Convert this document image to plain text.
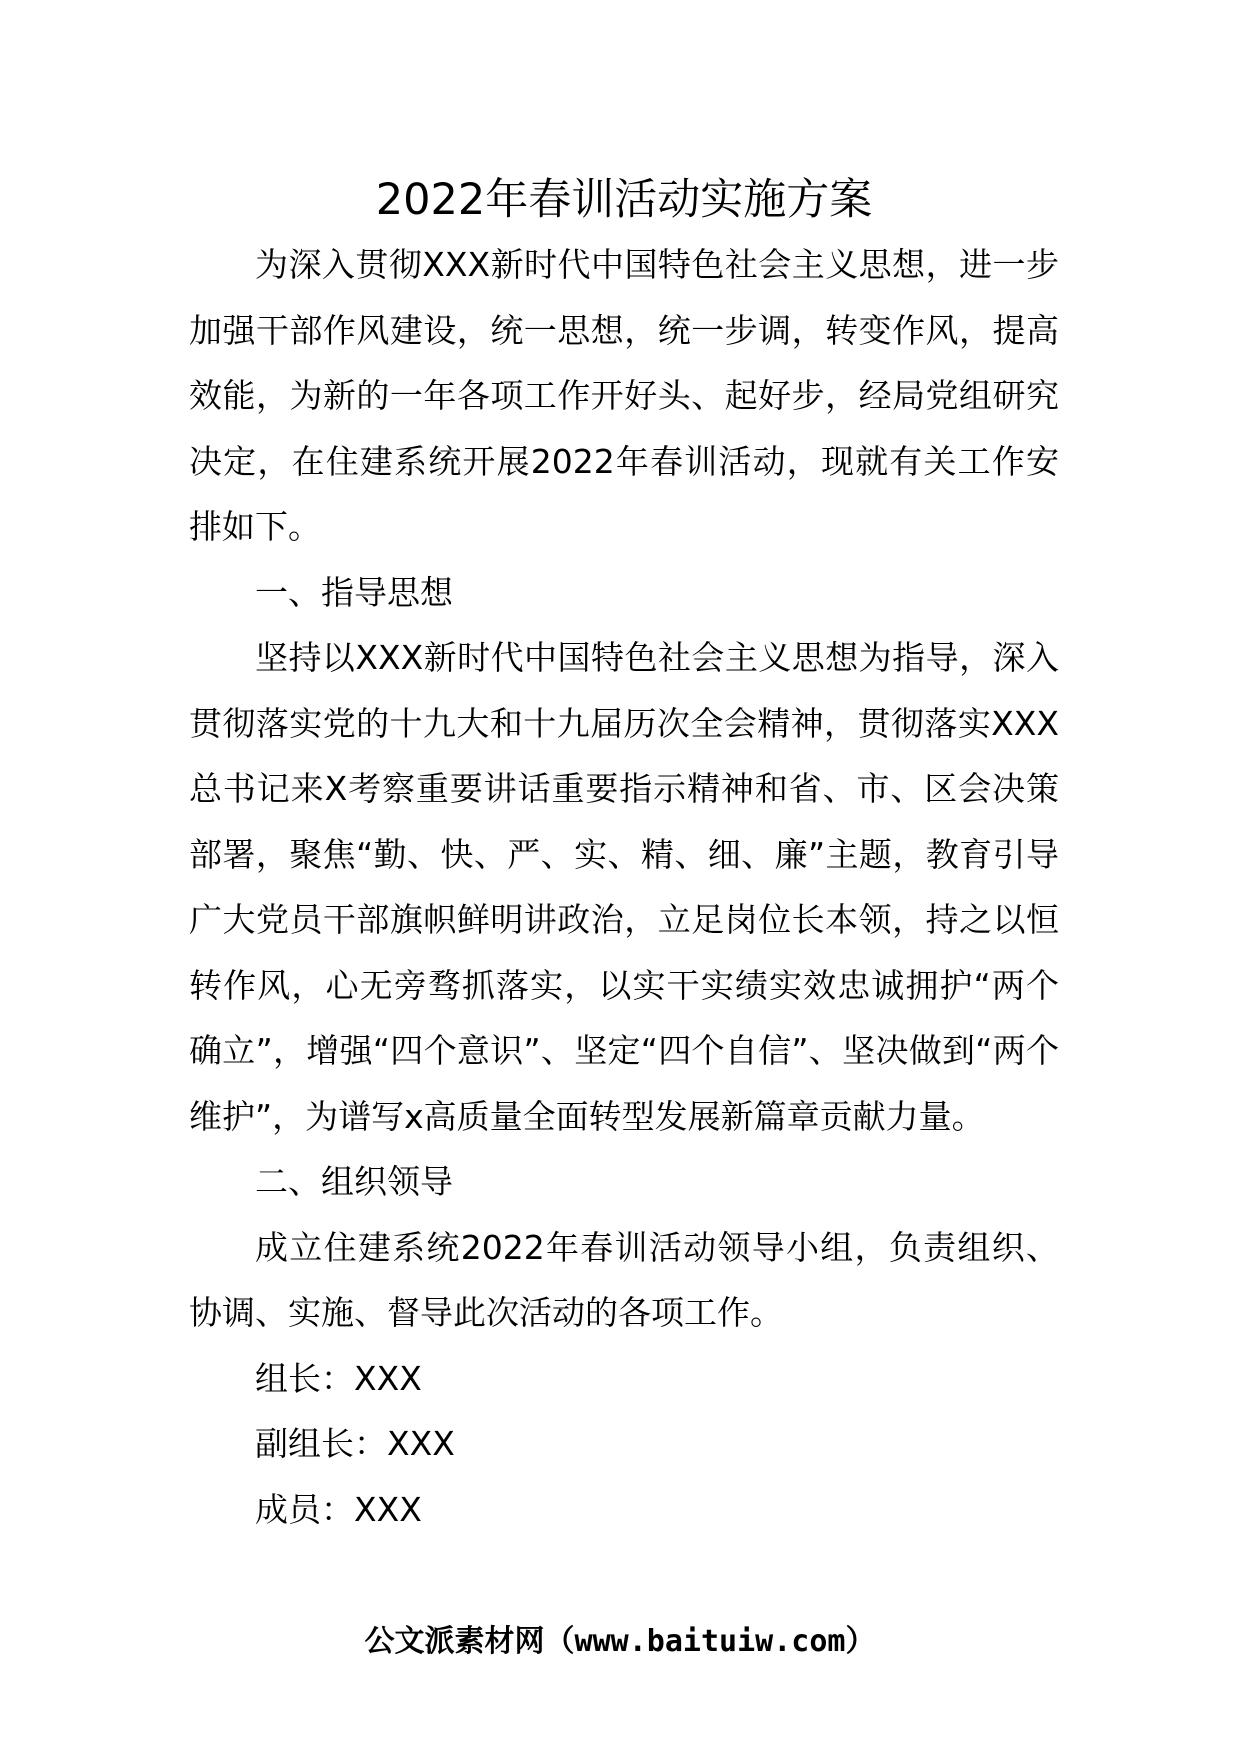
2022年春训活动实施方案

为深入贯彻XXX新时代中国特色社会主义思想，进一步加强干部作风建设，统一思想，统一步调，转变作风，提高效能，为新的一年各项工作开好头、起好步，经局党组研究决定，在住建系统开展2022年春训活动，现就有关工作安排如下。

一、指导思想

坚持以XXX新时代中国特色社会主义思想为指导，深入贯彻落实党的十九大和十九届历次全会精神，贯彻落实XXX总书记来X考察重要讲话重要指示精神和省、市、区会决策部署，聚焦“勤、快、严、实、精、细、廉”主题，教育引导广大党员干部旗帜鲜明讲政治，立足岗位长本领，持之以恒转作风，心无旁骛抓落实，以实干实绩实效忠诚拥护“两个确立”，增强“四个意识”、坚定“四个自信”、坚决做到“两个维护”，为谱写x高质量全面转型发展新篇章贡献力量。

二、组织领导

成立住建系统2022年春训活动领导小组，负责组织、协调、实施、督导此次活动的各项工作。

组长：XXX

副组长：XXX

成员：XXX

公文派素材网（www.baituiw.com）
